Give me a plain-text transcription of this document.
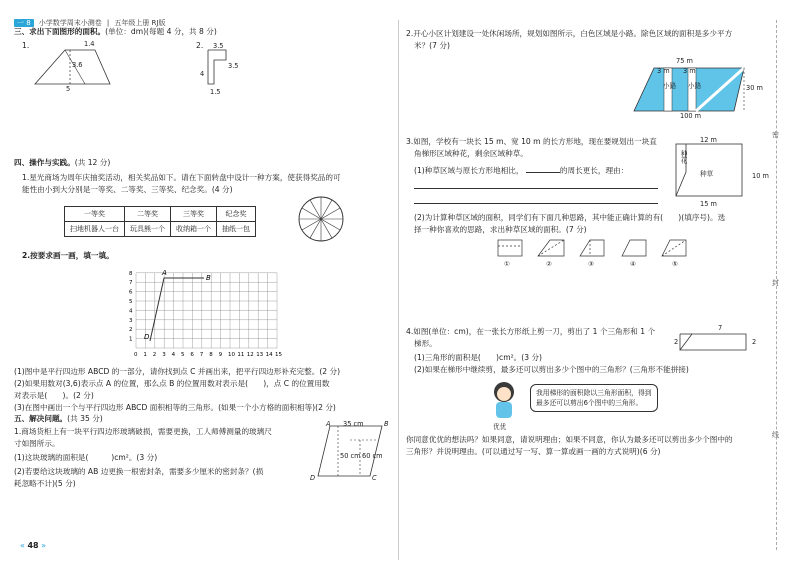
一 8 小学数学周末小测卷 | 五年级上册 RJ版
三、求出下面图形的面积。(单位：dm)(每题 4 分，共 8 分)
1.	1.4
3.6
5
2. 3.5
3.5
4
1.5
四、操作与实践。(共 12 分)
1.星光商场为周年庆抽奖活动，相关奖品如下。请在下面转盘中设计一种方案，使获得奖品的可
能性由小到大分别是一等奖、二等奖、三等奖、纪念奖。(4 分)
一等奖	二等奖	三等奖	纪念奖
扫地机器人一台	玩具熊一个	收纳箱一个	抽纸一包
2.按要求画一画，填一填。
0 1 2 3 4 5 6 7 8 9 10 11 12 13 14 15
1
2
3
4
5
6
7
8	A
B
D
(1)图中是平行四边形 ABCD 的一部分，请你找到点 C 并画出来，把平行四边形补充完整。(2 分)
(2)如果用数对(3,6)表示点 A 的位置，那么点 B 的位置用数对表示是(　　)，点 C 的位置用数
对表示是(　　)。(2 分)
(3)在图中画出一个与平行四边形 ABCD 面积相等的三角形。(如果一个小方格的面积相等)(2 分)
五、解决问题。(共 35 分)
1.商场货柜上有一块平行四边形玻璃破损，需要更换，工人师傅测量的玻璃尺
寸如图所示。
(1)这块玻璃的面积是(　　　)cm²。(3 分)
(2)若要给这块玻璃的 AB 边更换一根密封条，需要多少厘米的密封条？(损
耗忽略不计)(5 分)
35 cm
50 cm 60 cm
A	B
C
D
« 48 »
2.开心小区计划建设一处休闲场所，规划如图所示，白色区域是小路。除色区域的面积是多少平方
米？(7 分)
75 m
3 m 3 m
30 m
100 m
小路 小路
3.如图，学校有一块长 15 m、宽 10 m 的长方形地，现在要规划出一块直
角梯形区域种花，剩余区域种草。
(1)种草区域与原长方形地相比，	的周长更长，理由：
12 m
种花
种草	10 m
15 m
(2)为计算种草区域的面积，同学们有下面几种思路，其中能正确计算的有(　　)(填序号)。选
择一种你喜欢的思路，求出种草区域的面积。(7 分)
①	②	③	④	⑤
4.如图(单位：cm)，在一张长方形纸上剪一刀，剪出了 1 个三角形和 1 个
梯形。
(1)三角形的面积是(　　)cm²。(3 分)
(2)如果在梯形中继续剪，最多还可以剪出多少个图中的三角形？(三角形不能拼接)
7
2	2
优优
我用梯形的面积除以三角形面积，得到
最多还可以剪出6个图中的三角形。
你同意优优的想法吗？如果同意，请说明理由；如果不同意，你认为最多还可以剪出多少个图中的
三角形？并说明理由。(可以通过写一写、算一算或画一画的方式说明)(6 分)
密
封
线
